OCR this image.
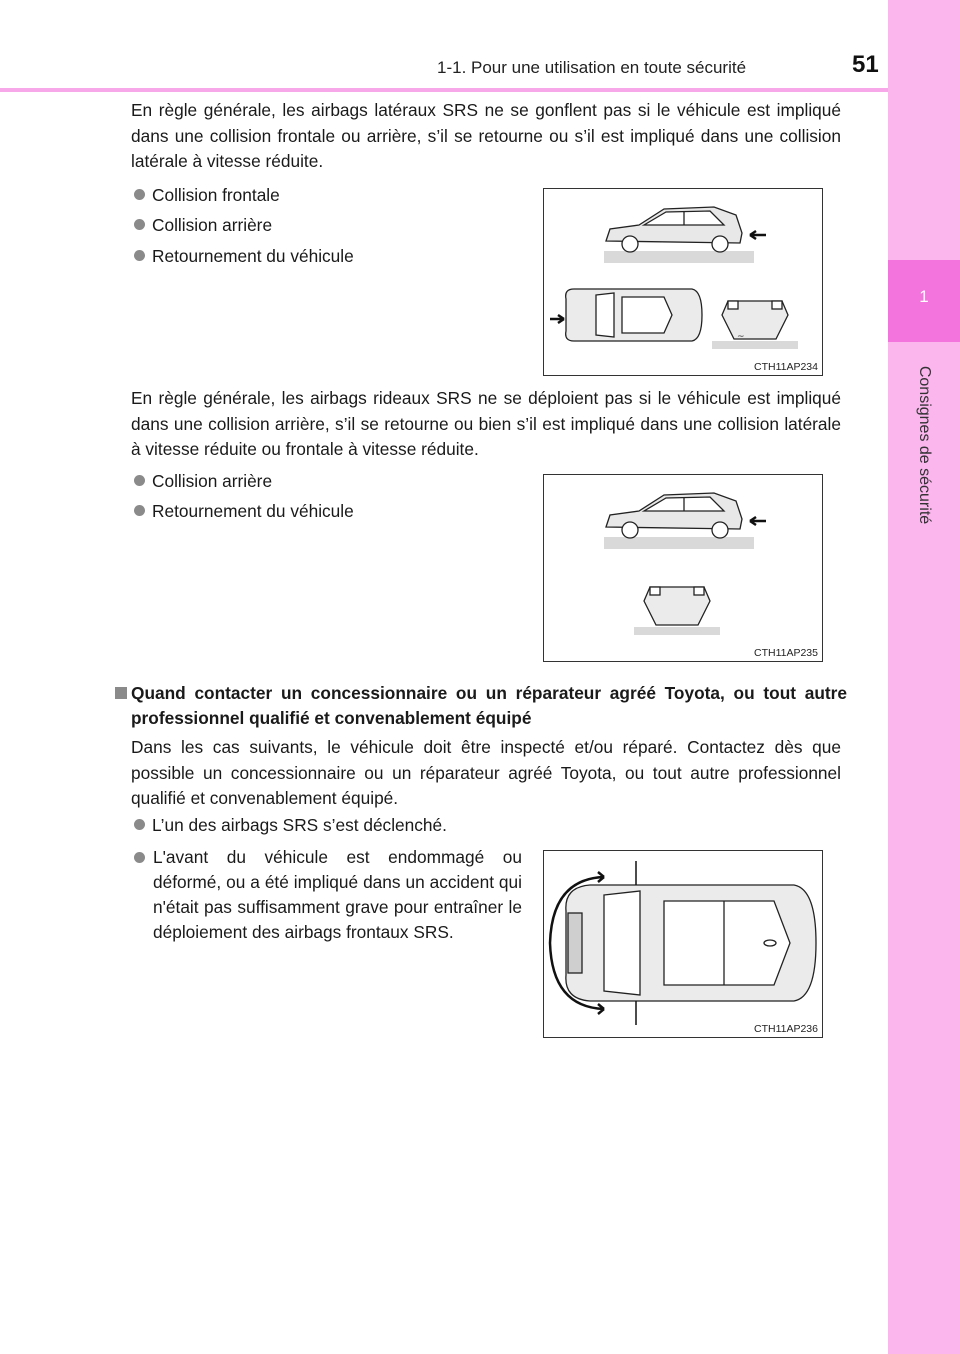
1-1. Pour une utilisation en toute sécurité	51
1
Consignes de sécurité
En règle générale, les airbags latéraux SRS ne se gonflent pas si le véhicule est impliqué dans une collision frontale ou arrière, s’il se retourne ou s’il est impliqué dans une collision latérale à vitesse réduite.
Collision frontale
Collision arrière
Retournement du véhicule
~
CTH11AP234
En règle générale, les airbags rideaux SRS ne se déploient pas si le véhicule est impliqué dans une collision arrière, s’il se retourne ou bien s’il est impliqué dans une collision latérale à vitesse réduite ou frontale à vitesse réduite.
Collision arrière
Retournement du véhicule
CTH11AP235
Quand contacter un concessionnaire ou un réparateur agréé Toyota, ou tout autre professionnel qualifié et convenablement équipé
Dans les cas suivants, le véhicule doit être inspecté et/ou réparé. Contactez dès que possible un concessionnaire ou un réparateur agréé Toyota, ou tout autre professionnel qualifié et convenablement équipé.
L’un des airbags SRS s’est déclenché.
L'avant du véhicule est endommagé ou déformé, ou a été impliqué dans un accident qui n'était pas suffisamment grave pour entraîner le déploiement des airbags frontaux SRS.
CTH11AP236
